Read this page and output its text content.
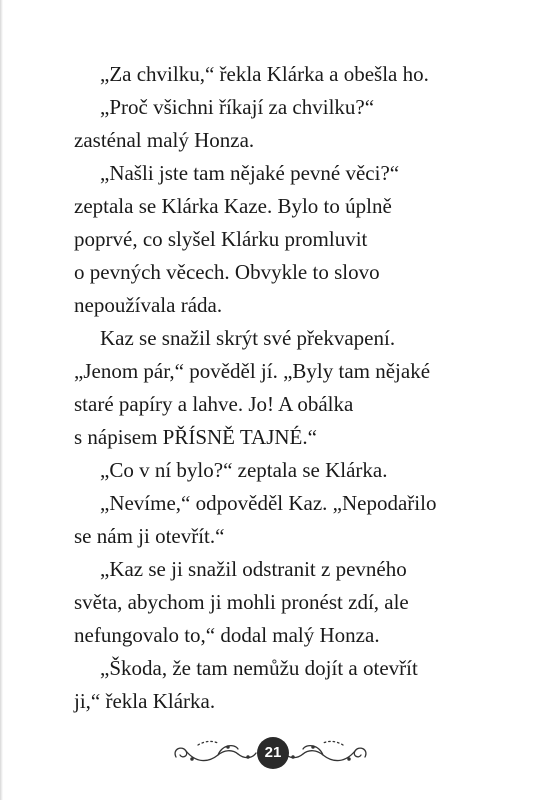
„Za chvilku,“ řekla Klárka a obešla ho.
„Proč všichni říkají za chvilku?“
zasténal malý Honza.
„Našli jste tam nějaké pevné věci?“
zeptala se Klárka Kaze. Bylo to úplně
poprvé, co slyšel Klárku promluvit
o pevných věcech. Obvykle to slovo
nepoužívala ráda.
Kaz se snažil skrýt své překvapení.
„Jenom pár,“ pověděl jí. „Byly tam nějaké
staré papíry a lahve. Jo! A obálka
s nápisem PŘÍSNĚ TAJNÉ.“
„Co v ní bylo?“ zeptala se Klárka.
„Nevíme,“ odpověděl Kaz. „Nepodařilo
se nám ji otevřít.“
„Kaz se ji snažil odstranit z pevného
světa, abychom ji mohli pronést zdí, ale
nefungovalo to,“ dodal malý Honza.
„Škoda, že tam nemůžu dojít a otevřít
ji,“ řekla Klárka.
21
